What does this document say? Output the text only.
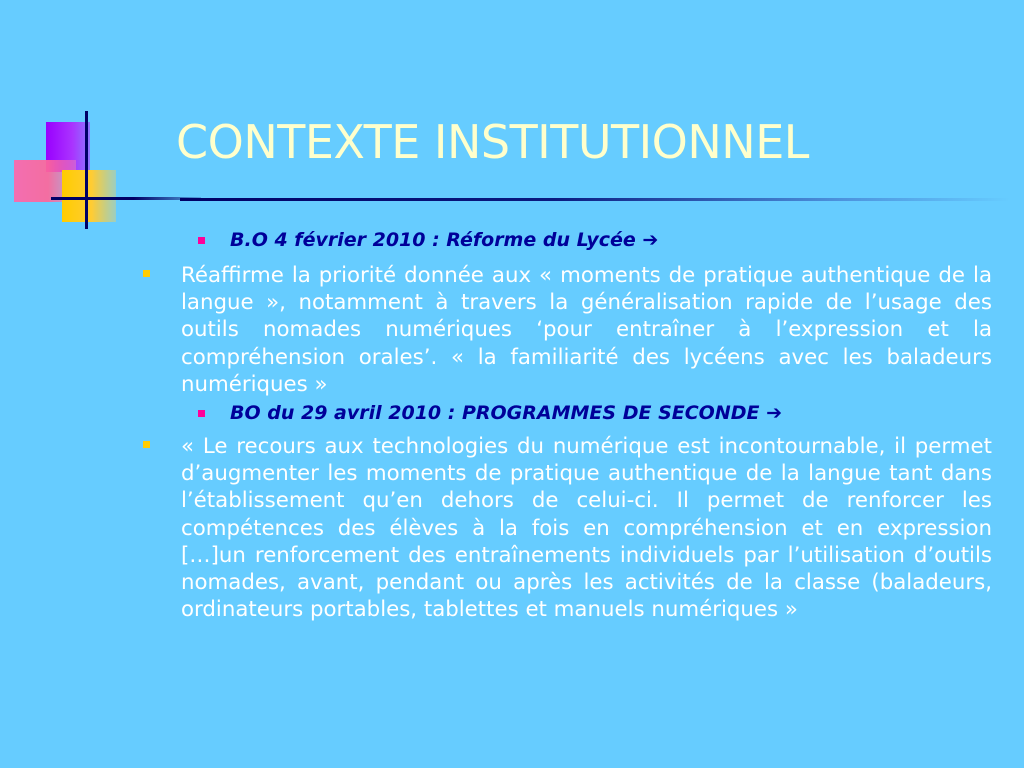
CONTEXTE INSTITUTIONNEL
B.O 4 février 2010 : Réforme du Lycée ➔
Réaffirme la priorité donnée aux « moments de pratique authentique de la langue », notamment à travers la généralisation rapide de l’usage des outils nomades numériques ‘pour entraîner à l’expression et la compréhension orales’. « la familiarité des lycéens avec les baladeurs numériques »
BO du 29 avril 2010 : PROGRAMMES DE SECONDE ➔
« Le recours aux technologies du numérique est incontournable, il permet d’augmenter les moments de pratique authentique de la langue tant dans l’établissement qu’en dehors de celui-ci. Il permet de renforcer les compétences des élèves à la fois en compréhension et en expression […]un renforcement des entraînements individuels par l’utilisation d’outils nomades, avant, pendant ou après les activités de la classe (baladeurs, ordinateurs portables, tablettes et manuels numériques »
